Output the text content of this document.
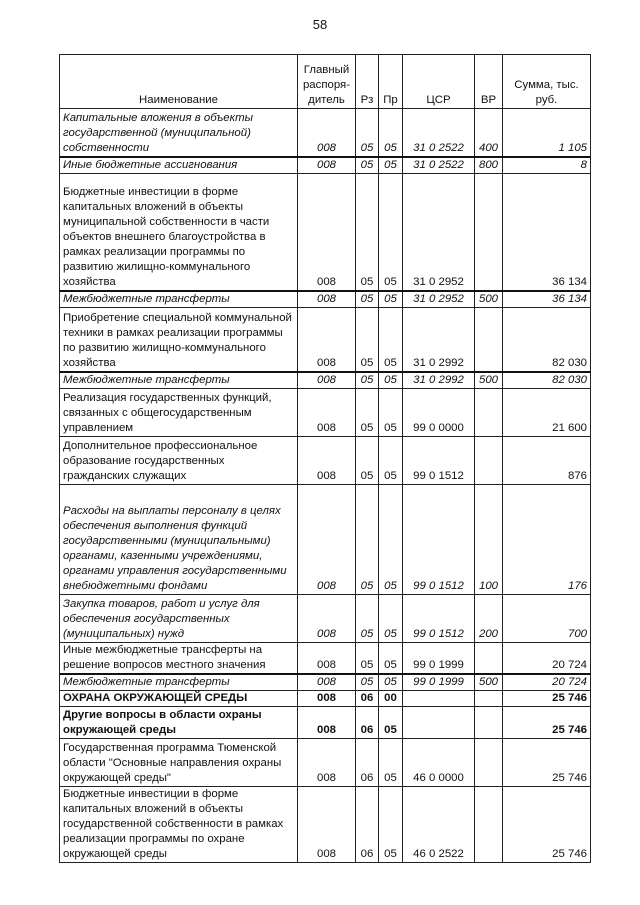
58
Наименование	Главный распоря-дитель	Рз	Пр	ЦСР	ВР	Сумма, тыс. руб.
Капитальные вложения в объекты государственной (муниципальной) собственности	008	05	05	31 0 2522	400	1 105
Иные бюджетные ассигнования	008	05	05	31 0 2522	800	8
Бюджетные инвестиции в форме капитальных вложений в объекты муниципальной собственности в части объектов внешнего благоустройства в рамках реализации программы по развитию жилищно-коммунального хозяйства	008	05	05	31 0 2952		36 134
Межбюджетные трансферты	008	05	05	31 0 2952	500	36 134
Приобретение специальной коммунальной техники в рамках реализации программы по развитию жилищно-коммунального хозяйства	008	05	05	31 0 2992		82 030
Межбюджетные трансферты	008	05	05	31 0 2992	500	82 030
Реализация государственных функций, связанных с общегосударственным управлением	008	05	05	99 0 0000		21 600
Дополнительное профессиональное образование государственных гражданских служащих	008	05	05	99 0 1512		876
Расходы на выплаты персоналу в целях обеспечения выполнения функций государственными (муниципальными) органами, казенными учреждениями, органами управления государственными внебюджетными фондами	008	05	05	99 0 1512	100	176
Закупка товаров, работ и услуг для обеспечения государственных (муниципальных) нужд	008	05	05	99 0 1512	200	700
Иные межбюджетные трансферты на решение вопросов местного значения	008	05	05	99 0 1999		20 724
Межбюджетные трансферты	008	05	05	99 0 1999	500	20 724
ОХРАНА ОКРУЖАЮЩЕЙ СРЕДЫ	008	06	00			25 746
Другие вопросы в области охраны окружающей среды	008	06	05			25 746
Государственная программа Тюменской области "Основные направления охраны окружающей среды"	008	06	05	46 0 0000		25 746
Бюджетные инвестиции в форме капитальных вложений в объекты государственной собственности в рамках реализации программы по охране окружающей среды	008	06	05	46 0 2522		25 746
